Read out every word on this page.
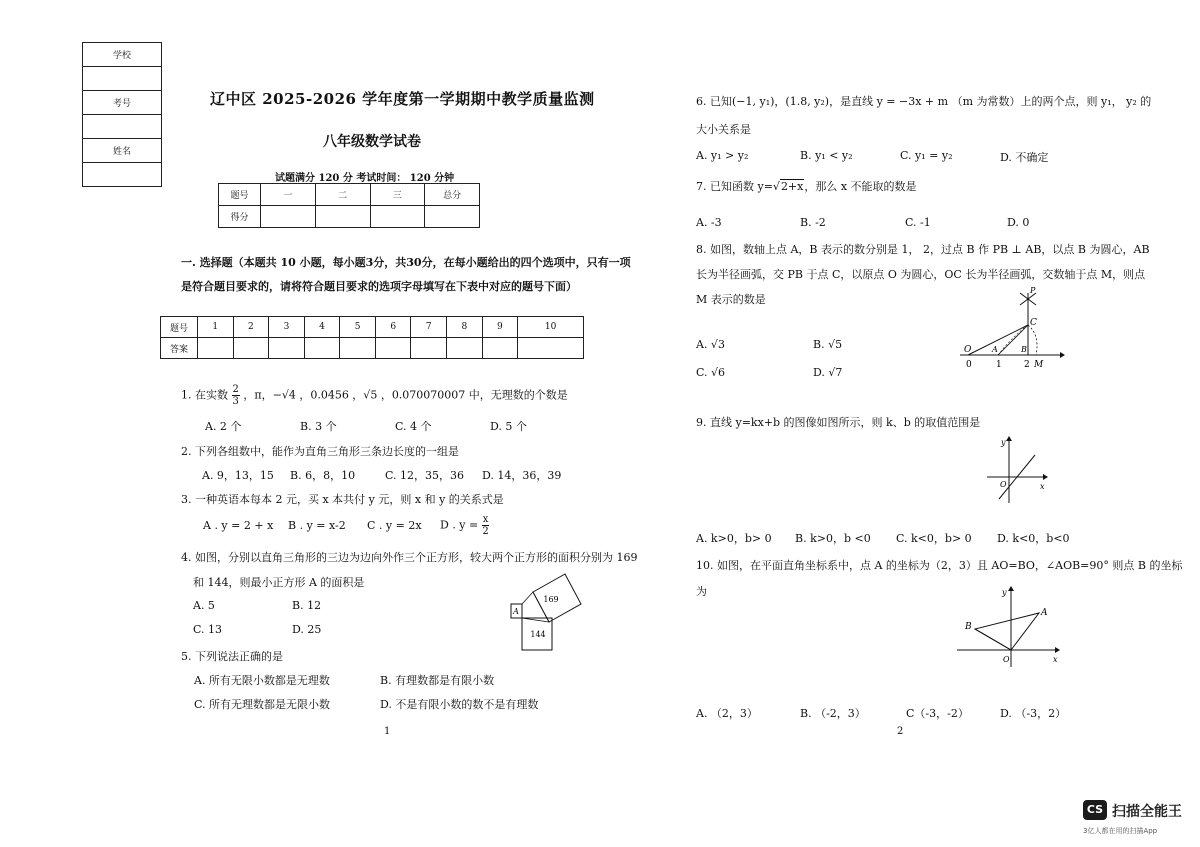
学校

考号

姓名

辽中区 2025-2026 学年度第一学期期中教学质量监测
八年级数学试卷
试题满分 120 分 考试时间： 120 分钟
题号	一	二	三	总分
得分				
一. 选择题（本题共 10 小题，每小题3分，共30分，在每小题给出的四个选项中，只有一项
是符合题目要求的，请将符合题目要求的选项字母填写在下表中对应的题号下面）
题号	1	2	3	4	5	6	7	8	9	10
答案										
1. 在实数 $\frac{2}{3}$ ，π，−√4 ，0.0456 ，√5 ，0.070070007 中，无理数的个数是
A. 2 个	B. 3 个	C. 4 个	D. 5 个
2. 下列各组数中，能作为直角三角形三条边长度的一组是
A. 9，13，15 B. 6，8，10	C. 12，35，36 D. 14，36，39
3. 一种英语本每本 2 元，买 x 本共付 y 元，则 x 和 y 的关系式是
A . y = 2 + x B . y = x-2 C . y = 2x D . $y = \frac{x}{2}$
4. 如图，分别以直角三角形的三边为边向外作三个正方形，较大两个正方形的面积分别为 169
和 144，则最小正方形 A 的面积是
A. 5	B. 12
C. 13	D. 25
169
144
A
5. 下列说法正确的是
A. 所有无限小数都是无理数	B. 有理数都是有限小数
C. 所有无理数都是无限小数	D. 不是有限小数的数不是有理数
1	2
6. 已知(−1, y₁)，(1.8, y₂)，是直线 y = −3x + m （m 为常数）上的两个点，则 y₁， y₂ 的
大小关系是
A. y₁ > y₂	B. y₁ < y₂	C. y₁ = y₂	D. 不确定
7. 已知函数 y=√2+x，那么 x 不能取的数是
A. -3	B. -2	C. -1	D. 0
8. 如图，数轴上点 A，B 表示的数分别是 1， 2，过点 B 作 PB ⊥ AB，以点 B 为圆心，AB
长为半径画弧，交 PB 于点 C，以原点 O 为圆心，OC 长为半径画弧，交数轴于点 M，则点
M 表示的数是
A. √3	B. √5
C. √6	D. √7
P
C
O	A	B
0	1 2 M
9. 直线 y=kx+b 的图像如图所示，则 k、b 的取值范围是
y
x
O
A. k>0，b> 0 B. k>0，b <0 C. k<0，b> 0 D. k<0，b<0
10. 如图，在平面直角坐标系中，点 A 的坐标为（2，3）且 AO=BO，∠AOB=90° 则点 B 的坐标
为	y
x
A
B
O
A. （2，3）	B. （-2，3）	C（-3，-2）	D. （-3，2）
CS 扫描全能王
3亿人都在用的扫描App
